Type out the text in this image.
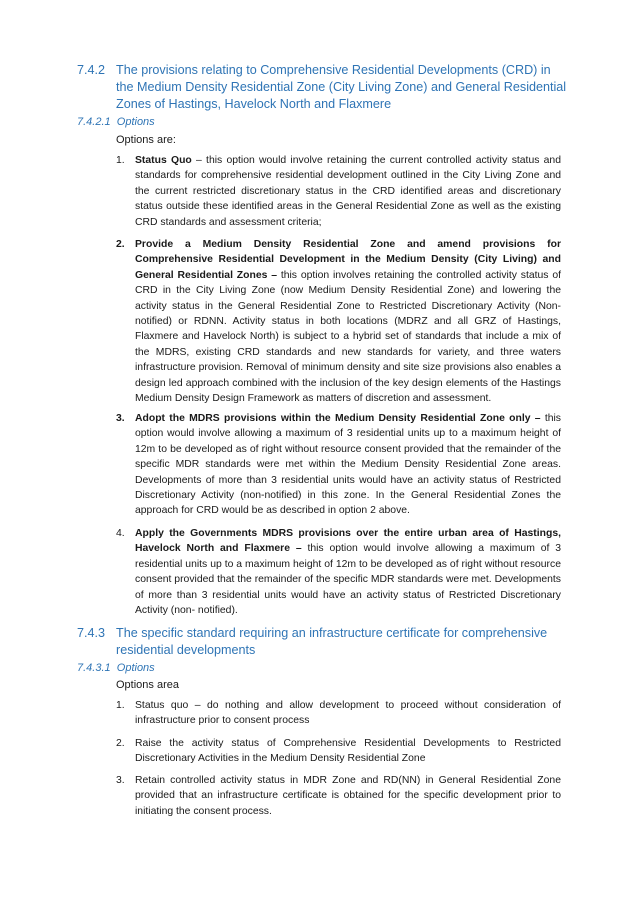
7.4.2 The provisions relating to Comprehensive Residential Developments (CRD) in the Medium Density Residential Zone (City Living Zone) and General Residential Zones of Hastings, Havelock North and Flaxmere
7.4.2.1 Options
Options are:
1. Status Quo – this option would involve retaining the current controlled activity status and standards for comprehensive residential development outlined in the City Living Zone and the current restricted discretionary status in the CRD identified areas and discretionary status outside these identified areas in the General Residential Zone as well as the existing CRD standards and assessment criteria;
2. Provide a Medium Density Residential Zone and amend provisions for Comprehensive Residential Development in the Medium Density (City Living) and General Residential Zones – this option involves retaining the controlled activity status of CRD in the City Living Zone (now Medium Density Residential Zone) and lowering the activity status in the General Residential Zone to Restricted Discretionary Activity (Non-notified) or RDNN. Activity status in both locations (MDRZ and all GRZ of Hastings, Flaxmere and Havelock North) is subject to a hybrid set of standards that include a mix of the MDRS, existing CRD standards and new standards for variety, and three waters infrastructure provision. Removal of minimum density and site size provisions also enables a design led approach combined with the inclusion of the key design elements of the Hastings Medium Density Design Framework as matters of discretion and assessment.
3. Adopt the MDRS provisions within the Medium Density Residential Zone only – this option would involve allowing a maximum of 3 residential units up to a maximum height of 12m to be developed as of right without resource consent provided that the remainder of the specific MDR standards were met within the Medium Density Residential Zone areas. Developments of more than 3 residential units would have an activity status of Restricted Discretionary Activity (non-notified) in this zone. In the General Residential Zones the approach for CRD would be as described in option 2 above.
4. Apply the Governments MDRS provisions over the entire urban area of Hastings, Havelock North and Flaxmere – this option would involve allowing a maximum of 3 residential units up to a maximum height of 12m to be developed as of right without resource consent provided that the remainder of the specific MDR standards were met. Developments of more than 3 residential units would have an activity status of Restricted Discretionary Activity (non- notified).
7.4.3 The specific standard requiring an infrastructure certificate for comprehensive residential developments
7.4.3.1 Options
Options area
1. Status quo – do nothing and allow development to proceed without consideration of infrastructure prior to consent process
2. Raise the activity status of Comprehensive Residential Developments to Restricted Discretionary Activities in the Medium Density Residential Zone
3. Retain controlled activity status in MDR Zone and RD(NN) in General Residential Zone provided that an infrastructure certificate is obtained for the specific development prior to initiating the consent process.
